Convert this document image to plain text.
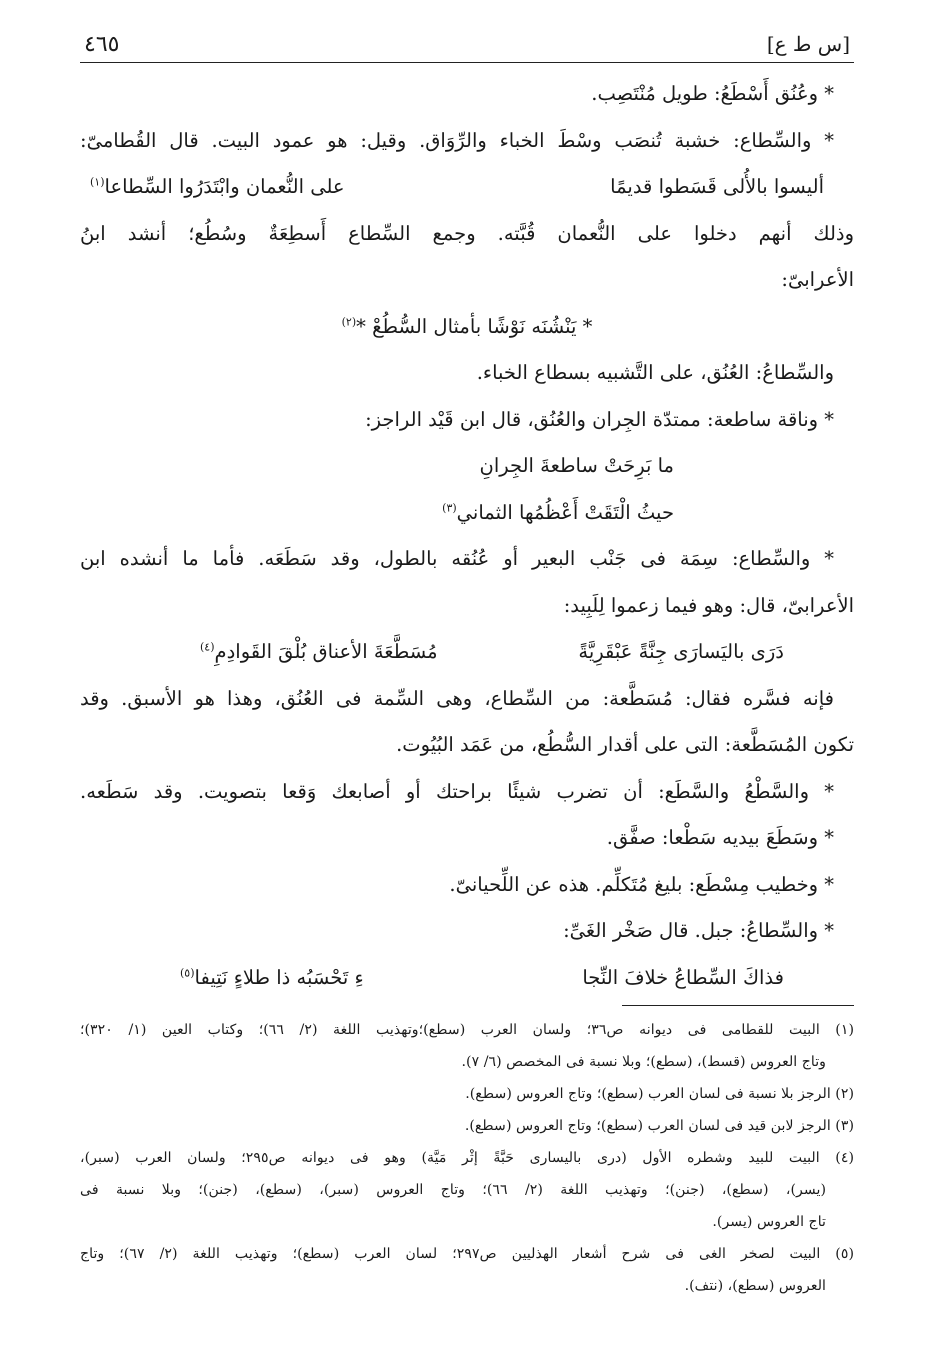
[س ط ع]
٤٦٥
* وعُنُق أَسْطَعُ: طويل مُنْتَصِب.
* والسِّطاع: خشبة تُنصَب وسْطَ الخباء والرِّوَاق. وقيل: هو عمود البيت. قال القُطامىّ:
أليسوا بالأُلى قَسَطوا قديمًا
على النُّعمان وابْتَدَرُوا السِّطاعا$^{(١)}$
وذلك أنهم دخلوا على النُّعمان قُبَّته. وجمع السِّطاع أَسطِعَةٌ وسُطُع؛ أنشد ابنُ
الأعرابىّ:
* يَنْشُنَه نَوْشًا بأمثال السُّطُعْ *$^{(٢)}$
والسِّطاعُ: العُنُق، على التَّشبيه بسطاع الخباء.
* وناقة ساطعة: ممتدّة الجِران والعُنُق، قال ابن قَيْد الراجز:
ما بَرِحَتْ ساطعةَ الجِرانِ
حيثُ الْتَقَتْ أَعْظُمُها الثماني$^{(٣)}$
* والسِّطاع: سِمَة فى جَنْب البعير أو عُنُقه بالطول، وقد سَطَعَه. فأما ما أنشده ابن
الأعرابىّ، قال: وهو فيما زعموا لِلَبِيد:
دَرَى باليَسارَى جِنَّةً عَبْقَرِيَّةً
مُسَطَّعَةَ الأعناق بُلْقَ القَوادِمِ$^{(٤)}$
فإنه فسَّره فقال: مُسَطَّعة: من السِّطاع، وهى السِّمة فى العُنُق، وهذا هو الأسبق. وقد
تكون المُسَطَّعة: التى على أقدار السُّطُع، من عَمَد البُيُوت.
* والسَّطْعُ والسَّطَع: أن تضرب شيئًا براحتك أو أصابعك وَقعا بتصويت. وقد سَطَعه.
* وسَطَعَ بيديه سَطْعا: صفَّق.
* وخطيب مِسْطَع: بليغ مُتَكلِّم. هذه عن اللِّحيانىّ.
* والسِّطاعُ: جبل. قال صَخْر الغَىِّ:
فذاكَ السِّطاعُ خلافَ النِّجا
ءِ تَحْسَبُه ذا طلاءٍ نَتِيفا$^{(٥)}$
(١) البيت للقطامى فى ديوانه ص٣٦؛ ولسان العرب (سطع)؛وتهذيب اللغة (٢/ ٦٦)؛ وكتاب العين (١/ ٣٢٠)؛
وتاج العروس (قسط)، (سطع)؛ وبلا نسبة فى المخصص (٦/ ٧).
(٢) الرجز بلا نسبة فى لسان العرب (سطع)؛ وتاج العروس (سطع).
(٣) الرجز لابن قيد فى لسان العرب (سطع)؛ وتاج العروس (سطع).
(٤) البيت للبيد وشطره الأول (درى باليسارى حَبَّةً إثْر مَيَّة) وهو فى ديوانه ص٢٩٥؛ ولسان العرب (سبر)،
(يسر)، (سطع)، (جنن)؛ وتهذيب اللغة (٢/ ٦٦)؛ وتاج العروس (سبر)، (سطع)، (جنن)؛ وبلا نسبة فى
تاج العروس (يسر).
(٥) البيت لصخر الغى فى شرح أشعار الهذليين ص٢٩٧؛ لسان العرب (سطع)؛ وتهذيب اللغة (٢/ ٦٧)؛ وتاج
العروس (سطع)، (نتف).
